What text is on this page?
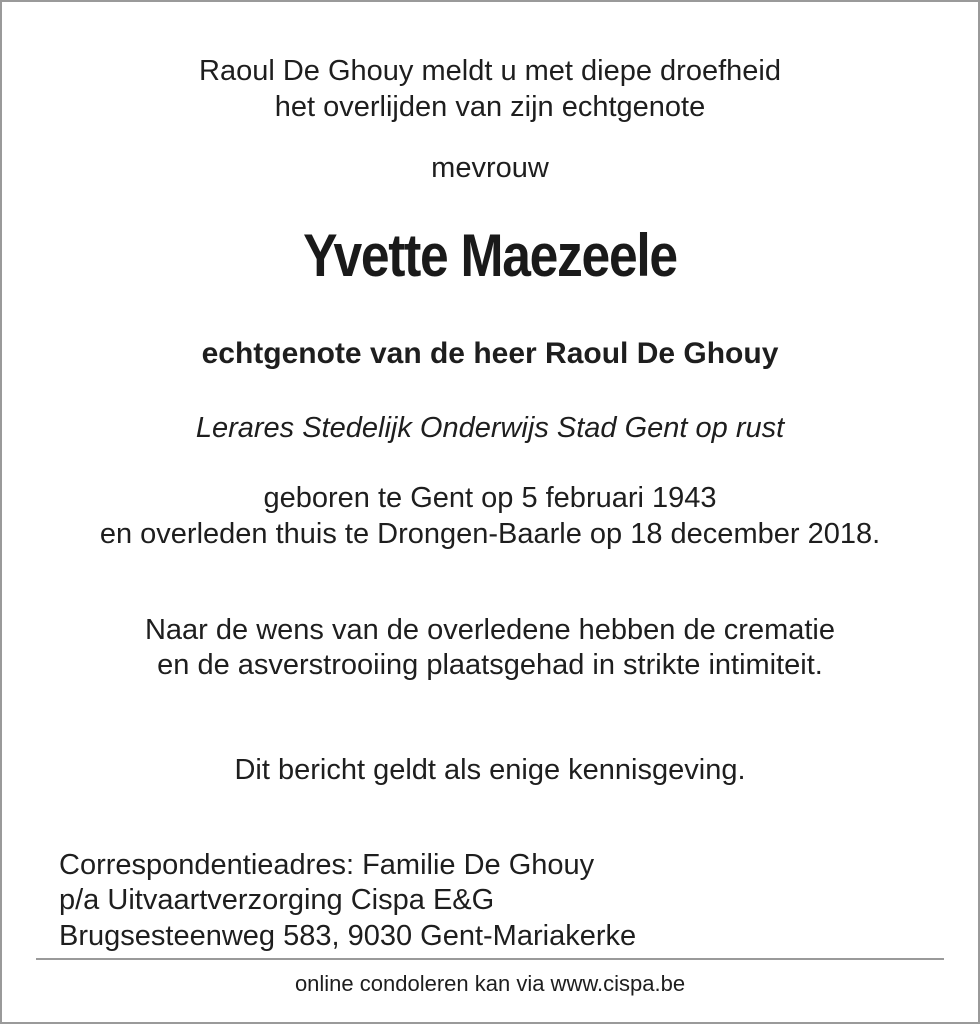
Raoul De Ghouy meldt u met diepe droefheid
het overlijden van zijn echtgenote
mevrouw
Yvette Maezeele
echtgenote van de heer Raoul De Ghouy
Lerares Stedelijk Onderwijs Stad Gent op rust
geboren te Gent op 5 februari 1943
en overleden thuis te Drongen-Baarle op 18 december 2018.
Naar de wens van de overledene hebben de crematie
en de asverstrooiing plaatsgehad in strikte intimiteit.
Dit bericht geldt als enige kennisgeving.
Correspondentieadres: Familie De Ghouy
p/a Uitvaartverzorging Cispa E&G
Brugsesteenweg 583, 9030 Gent-Mariakerke
online condoleren kan via www.cispa.be
